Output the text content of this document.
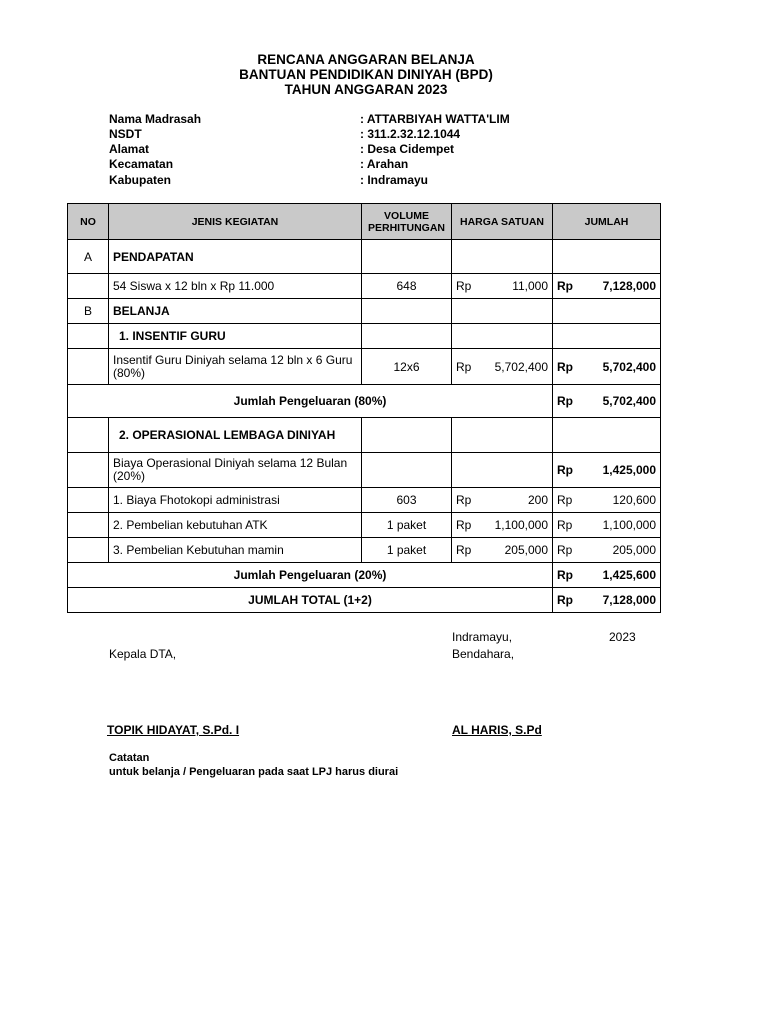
RENCANA ANGGARAN BELANJA
BANTUAN PENDIDIKAN DINIYAH (BPD)
TAHUN ANGGARAN 2023
Nama Madrasah	: ATTARBIYAH WATTA'LIM
NSDT	: 311.2.32.12.1044
Alamat	: Desa Cidempet
Kecamatan	: Arahan
Kabupaten	: Indramayu
NO	JENIS KEGIATAN	VOLUME PERHITUNGAN	HARGA SATUAN	JUMLAH
A	PENDAPATAN			
	54 Siswa x 12 bln x Rp 11.000	648	Rp 11,000	Rp 7,128,000

B	BELANJA			
	1. INSENTIF GURU			
	Insentif Guru Diniyah selama 12 bln x 6 Guru (80%)	12x6	Rp 5,702,400	Rp 5,702,400

Jumlah Pengeluaran (80%)				Rp 5,702,400

	2. OPERASIONAL LEMBAGA DINIYAH			
	Biaya Operasional Diniyah selama 12 Bulan (20%)			Rp 1,425,000

	1. Biaya Fhotokopi administrasi	603	Rp 200	Rp 120,600

	2. Pembelian kebutuhan ATK	1 paket	Rp 1,100,000	Rp 1,100,000

	3. Pembelian Kebutuhan mamin	1 paket	Rp 205,000	Rp 205,000

Jumlah Pengeluaran (20%)				Rp 1,425,600

JUMLAH TOTAL (1+2)				Rp 7,128,000
Indramayu,	2023
Kepala DTA,	Bendahara,
TOPIK HIDAYAT, S.Pd. I	AL HARIS, S.Pd
Catatan
untuk belanja / Pengeluaran pada saat LPJ harus diurai
